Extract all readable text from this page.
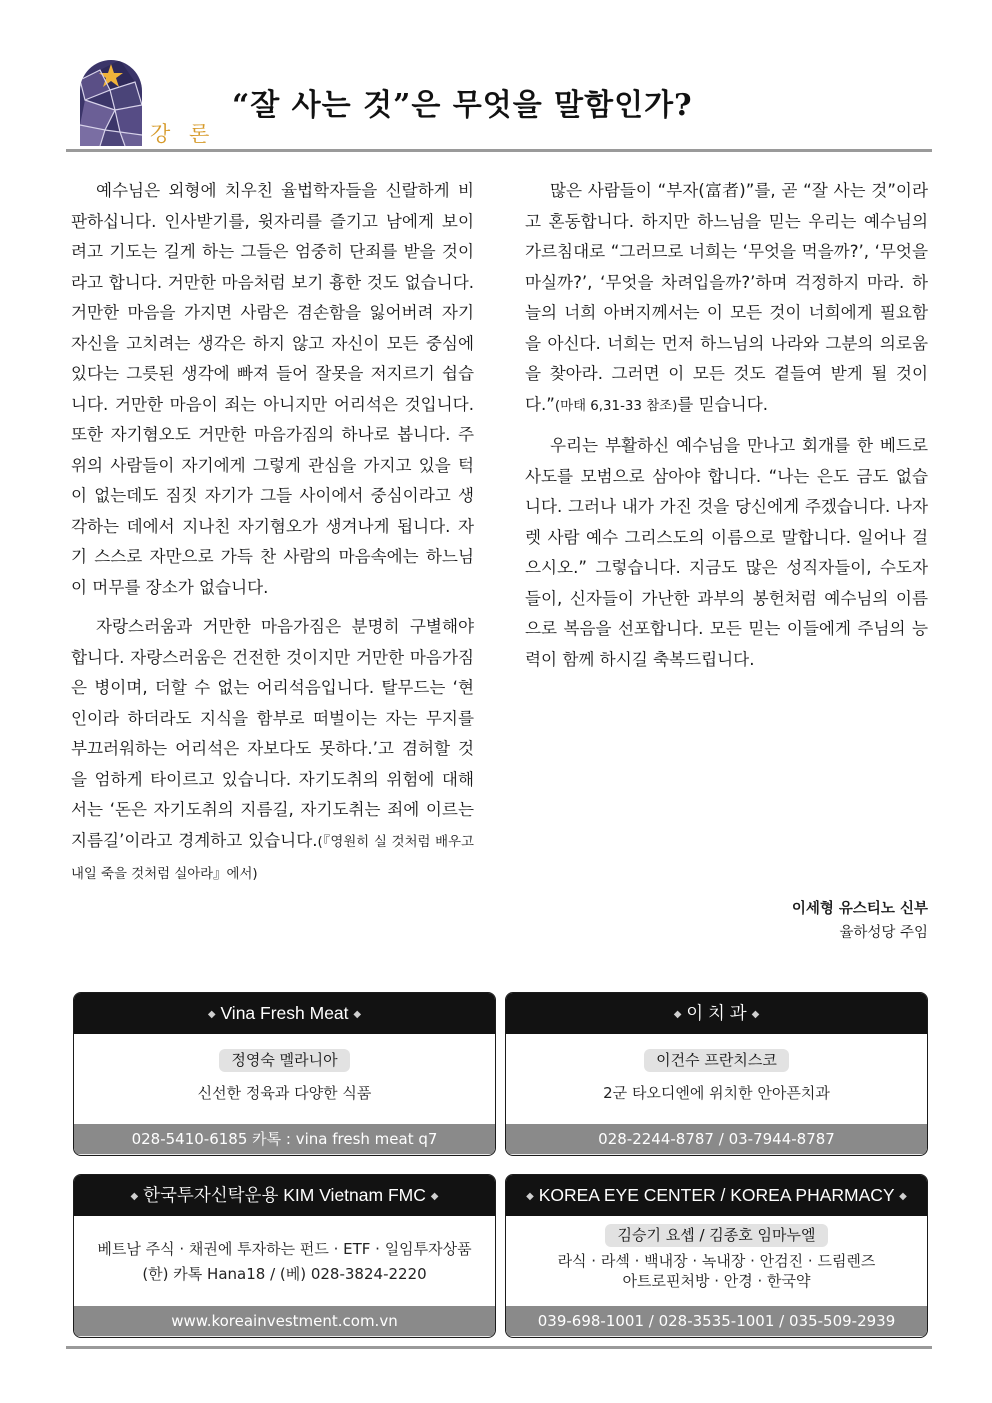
강 론
“잘 사는 것”은 무엇을 말함인가?

예수님은 외형에 치우친 율법학자들을 신랄하게 비판하십니다. 인사받기를, 윗자리를 즐기고 남에게 보이려고 기도는 길게 하는 그들은 엄중히 단죄를 받을 것이라고 합니다. 거만한 마음처럼 보기 흉한 것도 없습니다. 거만한 마음을 가지면 사람은 겸손함을 잃어버려 자기 자신을 고치려는 생각은 하지 않고 자신이 모든 중심에 있다는 그릇된 생각에 빠져 들어 잘못을 저지르기 쉽습니다. 거만한 마음이 죄는 아니지만 어리석은 것입니다. 또한 자기혐오도 거만한 마음가짐의 하나로 봅니다. 주위의 사람들이 자기에게 그렇게 관심을 가지고 있을 턱이 없는데도 짐짓 자기가 그들 사이에서 중심이라고 생각하는 데에서 지나친 자기혐오가 생겨나게 됩니다. 자기 스스로 자만으로 가득 찬 사람의 마음속에는 하느님이 머무를 장소가 없습니다.

자랑스러움과 거만한 마음가짐은 분명히 구별해야 합니다. 자랑스러움은 건전한 것이지만 거만한 마음가짐은 병이며, 더할 수 없는 어리석음입니다. 탈무드는 ‘현인이라 하더라도 지식을 함부로 떠벌이는 자는 무지를 부끄러워하는 어리석은 자보다도 못하다.’고 겸허할 것을 엄하게 타이르고 있습니다. 자기도취의 위험에 대해서는 ‘돈은 자기도취의 지름길, 자기도취는 죄에 이르는 지름길’이라고 경계하고 있습니다.(『영원히 실 것처럼 배우고 내일 죽을 것처럼 실아라』에서)

많은 사람들이 “부자(富者)”를, 곧 “잘 사는 것”이라고 혼동합니다. 하지만 하느님을 믿는 우리는 예수님의 가르침대로 “그러므로 너희는 ‘무엇을 먹을까?’, ‘무엇을 마실까?’, ‘무엇을 차려입을까?’하며 걱정하지 마라. 하늘의 너희 아버지께서는 이 모든 것이 너희에게 필요함을 아신다. 너희는 먼저 하느님의 나라와 그분의 의로움을 찾아라. 그러면 이 모든 것도 곁들여 받게 될 것이다.”(마태 6,31-33 참조)를 믿습니다.

우리는 부활하신 예수님을 만나고 회개를 한 베드로 사도를 모범으로 삼아야 합니다. “나는 은도 금도 없습니다. 그러나 내가 가진 것을 당신에게 주겠습니다. 나자렛 사람 예수 그리스도의 이름으로 말합니다. 일어나 걸으시오.” 그렇습니다. 지금도 많은 성직자들이, 수도자들이, 신자들이 가난한 과부의 봉헌처럼 예수님의 이름으로 복음을 선포합니다. 모든 믿는 이들에게 주님의 능력이 함께 하시길 축복드립니다.

이세형 유스티노 신부
율하성당 주임
◆ Vina Fresh Meat ◆
정영숙 멜라니아
신선한 정육과 다양한 식품
028-5410-6185 카톡 : vina fresh meat q7
◆ 이 치 과 ◆
이건수 프란치스코
2군 타오디엔에 위치한 안아픈치과
028-2244-8787 / 03-7944-8787
◆ 한국투자신탁운용 KIM Vietnam FMC ◆
베트남 주식 · 채권에 투자하는 펀드 · ETF · 일임투자상품
(한) 카톡 Hana18 / (베) 028-3824-2220
www.koreainvestment.com.vn
◆ KOREA EYE CENTER / KOREA PHARMACY ◆
김승기 요셉 / 김종호 임마누엘
라식 · 라섹 · 백내장 · 녹내장 · 안검진 · 드림렌즈
아트로핀처방 · 안경 · 한국약
039-698-1001 / 028-3535-1001 / 035-509-2939
